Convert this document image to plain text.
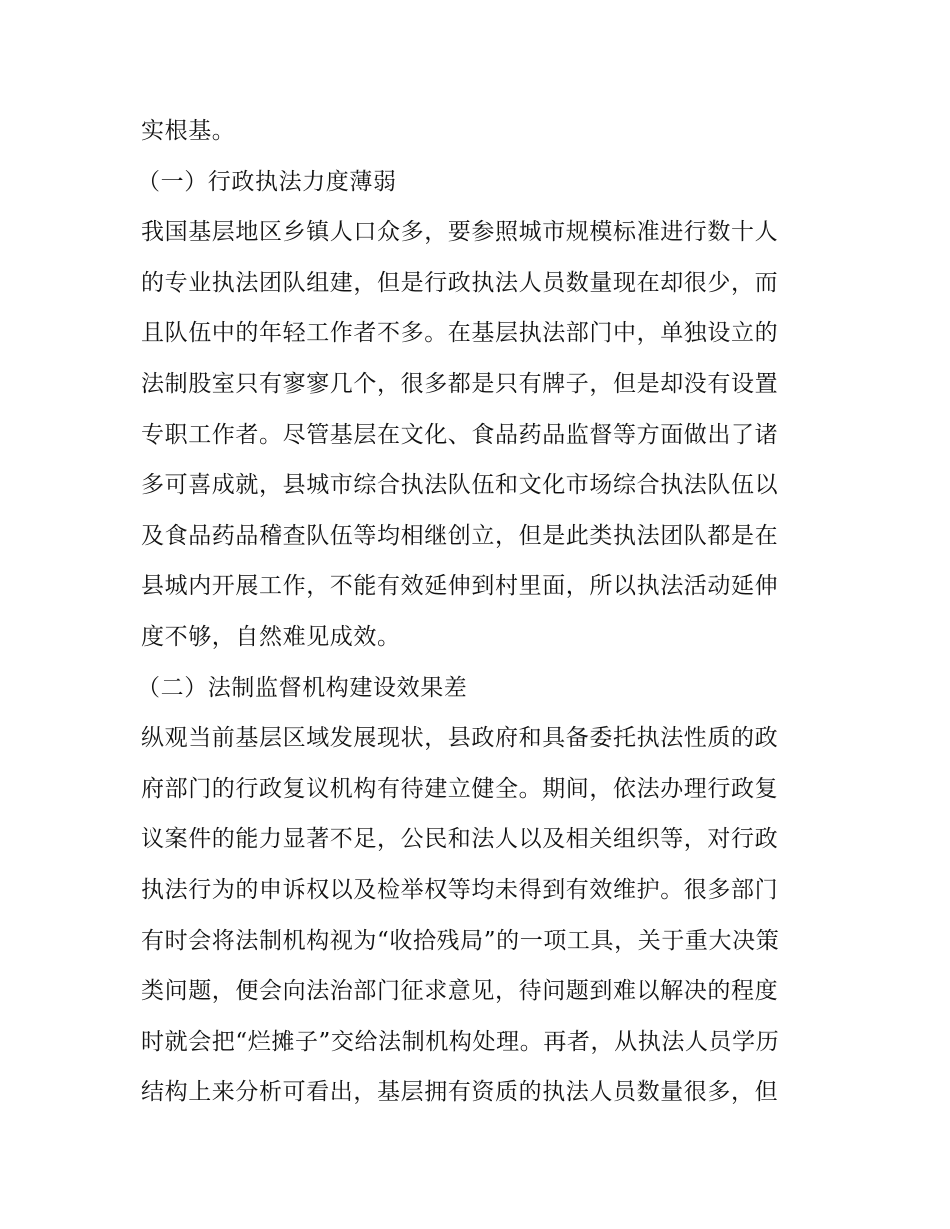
实根基。
（一）行政执法力度薄弱
我国基层地区乡镇人口众多，要参照城市规模标准进行数十人
的专业执法团队组建，但是行政执法人员数量现在却很少，而
且队伍中的年轻工作者不多。在基层执法部门中，单独设立的
法制股室只有寥寥几个，很多都是只有牌子，但是却没有设置
专职工作者。尽管基层在文化、食品药品监督等方面做出了诸
多可喜成就，县城市综合执法队伍和文化市场综合执法队伍以
及食品药品稽查队伍等均相继创立，但是此类执法团队都是在
县城内开展工作，不能有效延伸到村里面，所以执法活动延伸
度不够，自然难见成效。
（二）法制监督机构建设效果差
纵观当前基层区域发展现状，县政府和具备委托执法性质的政
府部门的行政复议机构有待建立健全。期间，依法办理行政复
议案件的能力显著不足，公民和法人以及相关组织等，对行政
执法行为的申诉权以及检举权等均未得到有效维护。很多部门
有时会将法制机构视为“收拾残局”的一项工具，关于重大决策
类问题，便会向法治部门征求意见，待问题到难以解决的程度
时就会把“烂摊子”交给法制机构处理。再者，从执法人员学历
结构上来分析可看出，基层拥有资质的执法人员数量很多，但
